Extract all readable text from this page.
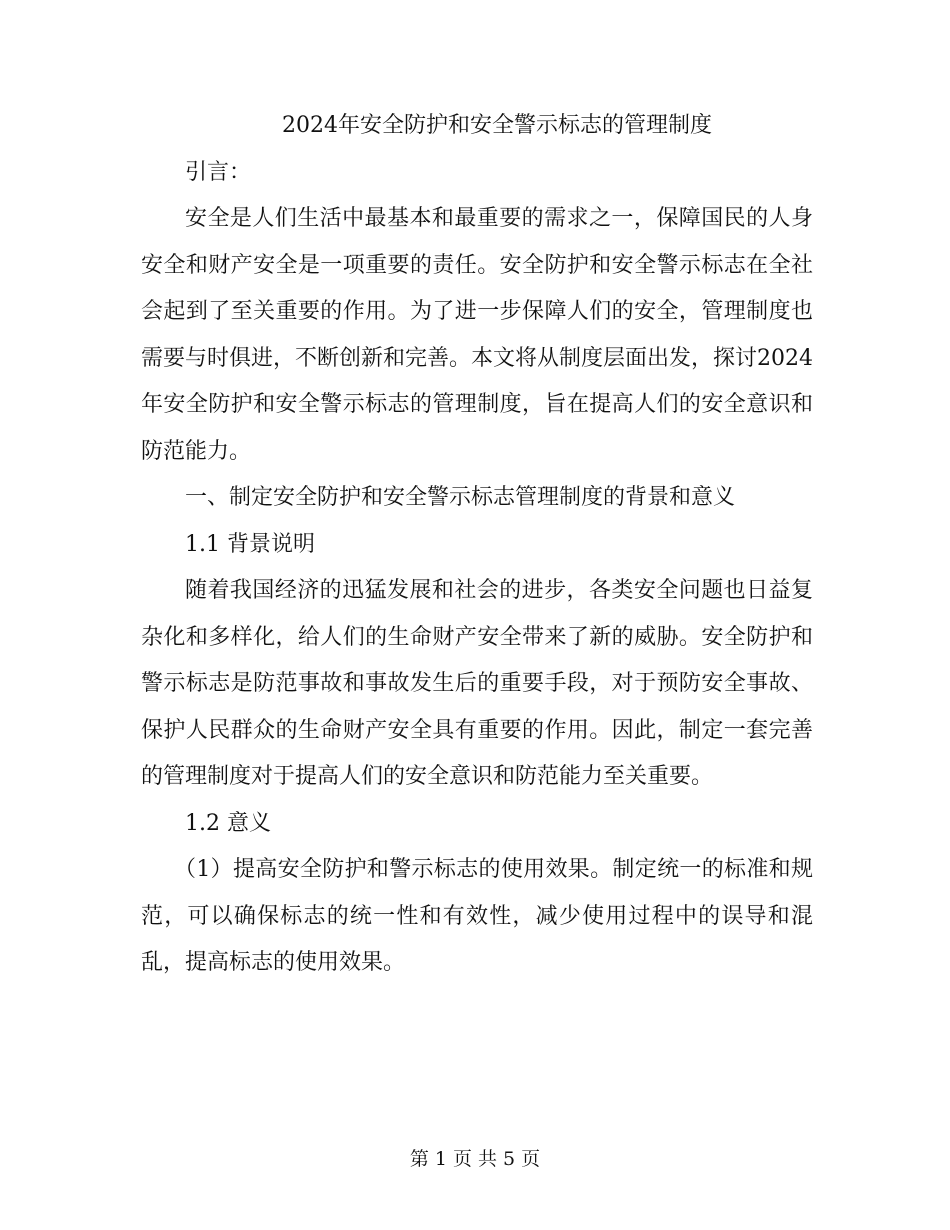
2024年安全防护和安全警示标志的管理制度

引言：

安全是人们生活中最基本和最重要的需求之一，保障国民的人身安全和财产安全是一项重要的责任。安全防护和安全警示标志在全社会起到了至关重要的作用。为了进一步保障人们的安全，管理制度也需要与时俱进，不断创新和完善。本文将从制度层面出发，探讨2024年安全防护和安全警示标志的管理制度，旨在提高人们的安全意识和防范能力。

一、制定安全防护和安全警示标志管理制度的背景和意义

1.1 背景说明

随着我国经济的迅猛发展和社会的进步，各类安全问题也日益复杂化和多样化，给人们的生命财产安全带来了新的威胁。安全防护和警示标志是防范事故和事故发生后的重要手段，对于预防安全事故、保护人民群众的生命财产安全具有重要的作用。因此，制定一套完善的管理制度对于提高人们的安全意识和防范能力至关重要。

1.2 意义

（1）提高安全防护和警示标志的使用效果。制定统一的标准和规范，可以确保标志的统一性和有效性，减少使用过程中的误导和混乱，提高标志的使用效果。

第 1 页 共 5 页
